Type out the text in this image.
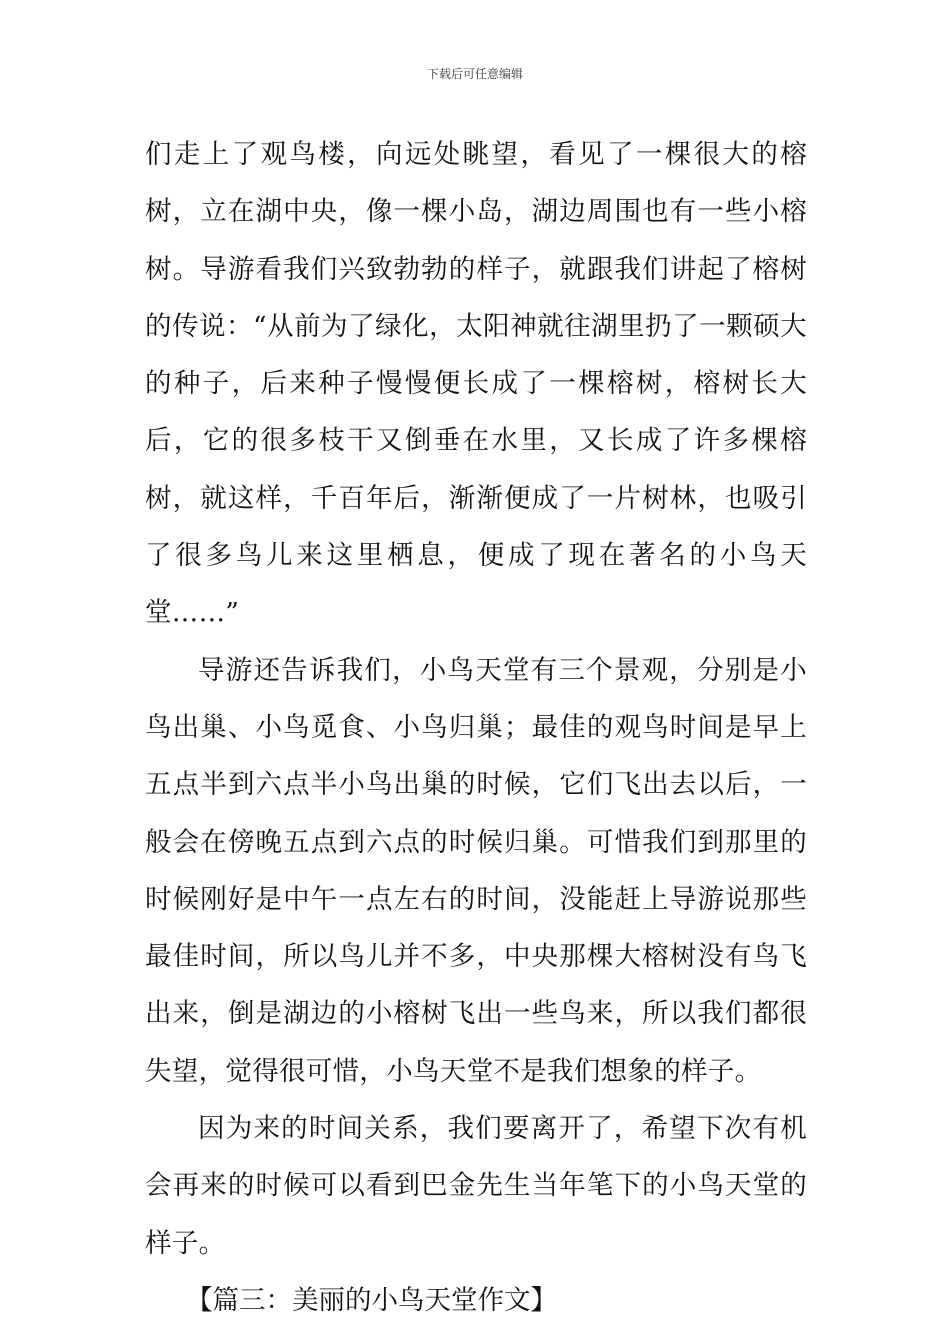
下载后可任意编辑

们走上了观鸟楼，向远处眺望，看见了一棵很大的榕树，立在湖中央，像一棵小岛，湖边周围也有一些小榕树。导游看我们兴致勃勃的样子，就跟我们讲起了榕树的传说：“从前为了绿化，太阳神就往湖里扔了一颗硕大的种子，后来种子慢慢便长成了一棵榕树，榕树长大后，它的很多枝干又倒垂在水里，又长成了许多棵榕树，就这样，千百年后，渐渐便成了一片树林，也吸引了很多鸟儿来这里栖息，便成了现在著名的小鸟天堂……”

导游还告诉我们，小鸟天堂有三个景观，分别是小鸟出巢、小鸟觅食、小鸟归巢；最佳的观鸟时间是早上五点半到六点半小鸟出巢的时候，它们飞出去以后，一般会在傍晚五点到六点的时候归巢。可惜我们到那里的时候刚好是中午一点左右的时间，没能赶上导游说那些最佳时间，所以鸟儿并不多，中央那棵大榕树没有鸟飞出来，倒是湖边的小榕树飞出一些鸟来，所以我们都很失望，觉得很可惜，小鸟天堂不是我们想象的样子。

因为来的时间关系，我们要离开了，希望下次有机会再来的时候可以看到巴金先生当年笔下的小鸟天堂的样子。

【篇三：美丽的小鸟天堂作文】
